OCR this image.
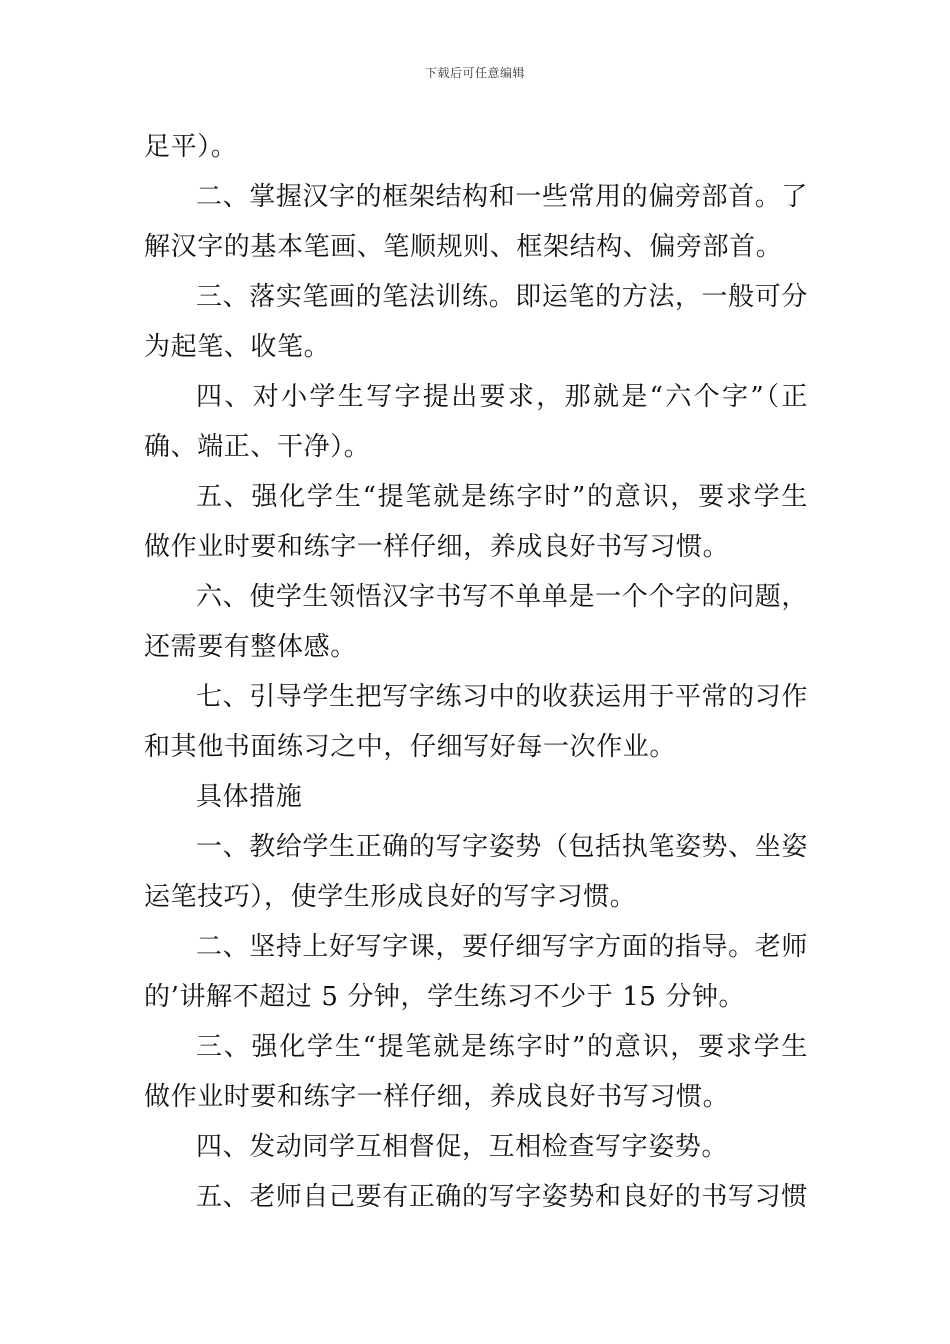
下载后可任意编辑

足平）。

二、掌握汉字的框架结构和一些常用的偏旁部首。了解汉字的基本笔画、笔顺规则、框架结构、偏旁部首。

三、落实笔画的笔法训练。即运笔的方法，一般可分为起笔、收笔。

四、对小学生写字提出要求，那就是“六个字”（正确、端正、干净）。

五、强化学生“提笔就是练字时”的意识，要求学生做作业时要和练字一样仔细，养成良好书写习惯。

六、使学生领悟汉字书写不单单是一个个字的问题，还需要有整体感。

七、引导学生把写字练习中的收获运用于平常的习作和其他书面练习之中，仔细写好每一次作业。

具体措施

一、教给学生正确的写字姿势（包括执笔姿势、坐姿运笔技巧），使学生形成良好的写字习惯。

二、坚持上好写字课，要仔细写字方面的指导。老师的’讲解不超过 5 分钟，学生练习不少于 15 分钟。

三、强化学生“提笔就是练字时”的意识，要求学生做作业时要和练字一样仔细，养成良好书写习惯。

四、发动同学互相督促，互相检查写字姿势。

五、老师自己要有正确的写字姿势和良好的书写习惯
